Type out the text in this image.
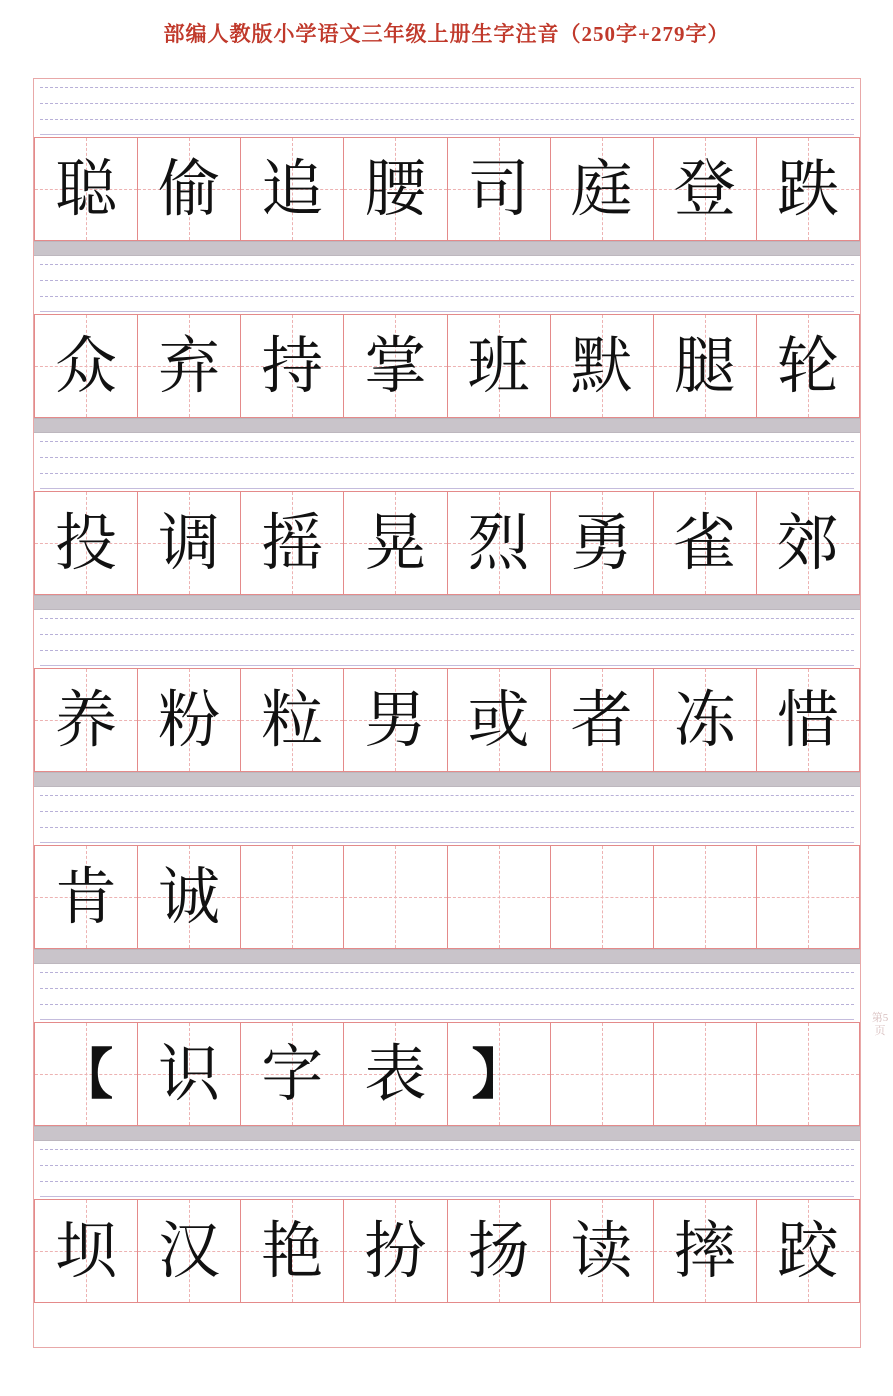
部编人教版小学语文三年级上册生字注音（250字+279字）
聪 偷 追 腰 司 庭 登 跌
众 弃 持 掌 班 默 腿 轮
投 调 摇 晃 烈 勇 雀 郊
养 粉 粒 男 或 者 冻 惜
肯 诚
【 识 字 表 】
坝 汉 艳 扮 扬 读 摔 跤
第5页
